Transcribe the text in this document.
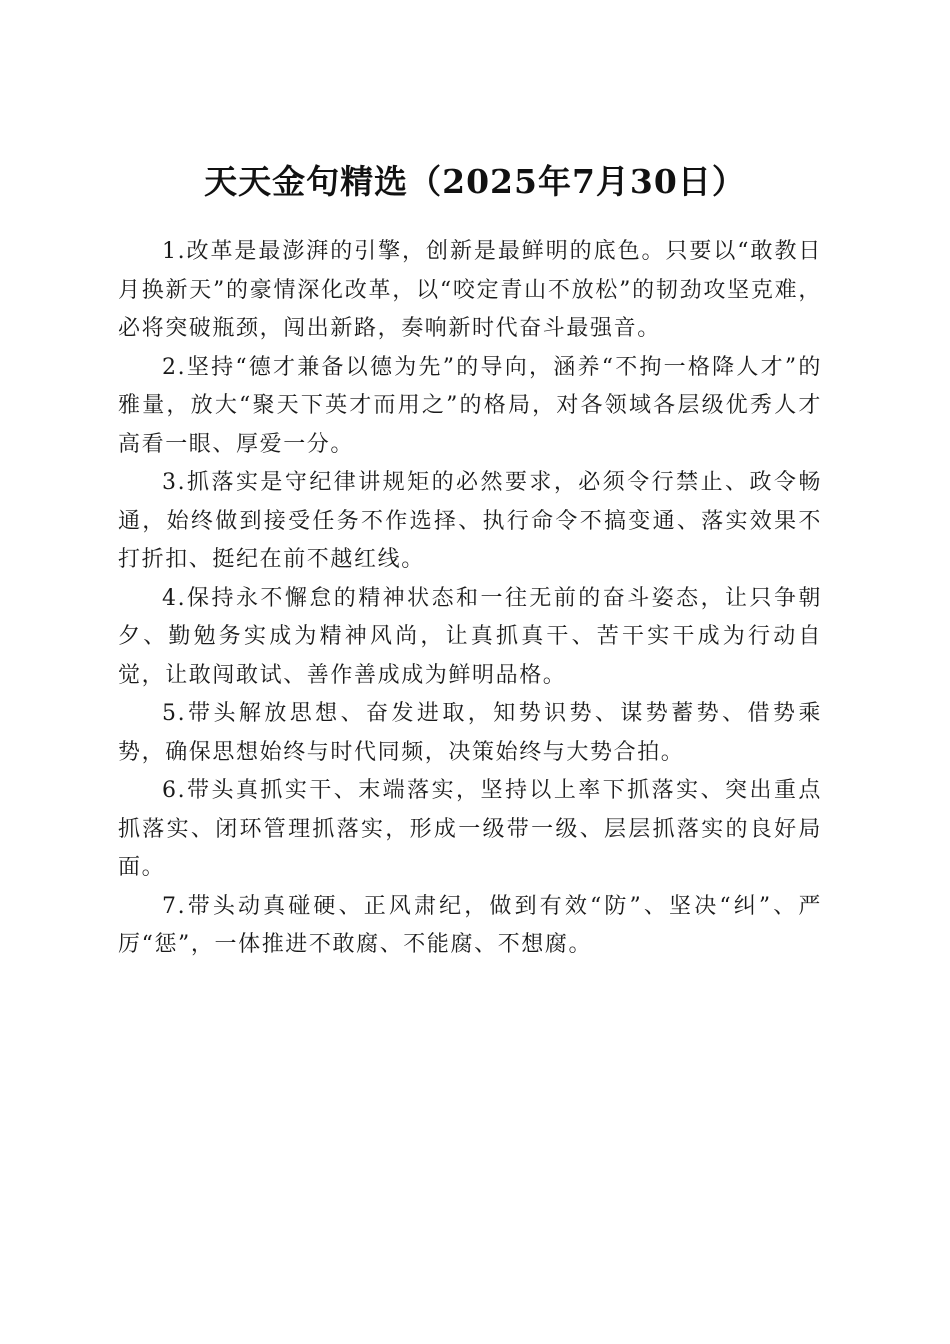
天天金句精选（2025年7月30日）

1.改革是最澎湃的引擎，创新是最鲜明的底色。只要以“敢教日月换新天”的豪情深化改革，以“咬定青山不放松”的韧劲攻坚克难，必将突破瓶颈，闯出新路，奏响新时代奋斗最强音。

2.坚持“德才兼备以德为先”的导向，涵养“不拘一格降人才”的雅量，放大“聚天下英才而用之”的格局，对各领域各层级优秀人才高看一眼、厚爱一分。

3.抓落实是守纪律讲规矩的必然要求，必须令行禁止、政令畅通，始终做到接受任务不作选择、执行命令不搞变通、落实效果不打折扣、挺纪在前不越红线。

4.保持永不懈怠的精神状态和一往无前的奋斗姿态，让只争朝夕、勤勉务实成为精神风尚，让真抓真干、苦干实干成为行动自觉，让敢闯敢试、善作善成成为鲜明品格。

5.带头解放思想、奋发进取，知势识势、谋势蓄势、借势乘势，确保思想始终与时代同频，决策始终与大势合拍。

6.带头真抓实干、末端落实，坚持以上率下抓落实、突出重点抓落实、闭环管理抓落实，形成一级带一级、层层抓落实的良好局面。

7.带头动真碰硬、正风肃纪，做到有效“防”、坚决“纠”、严厉“惩”，一体推进不敢腐、不能腐、不想腐。
